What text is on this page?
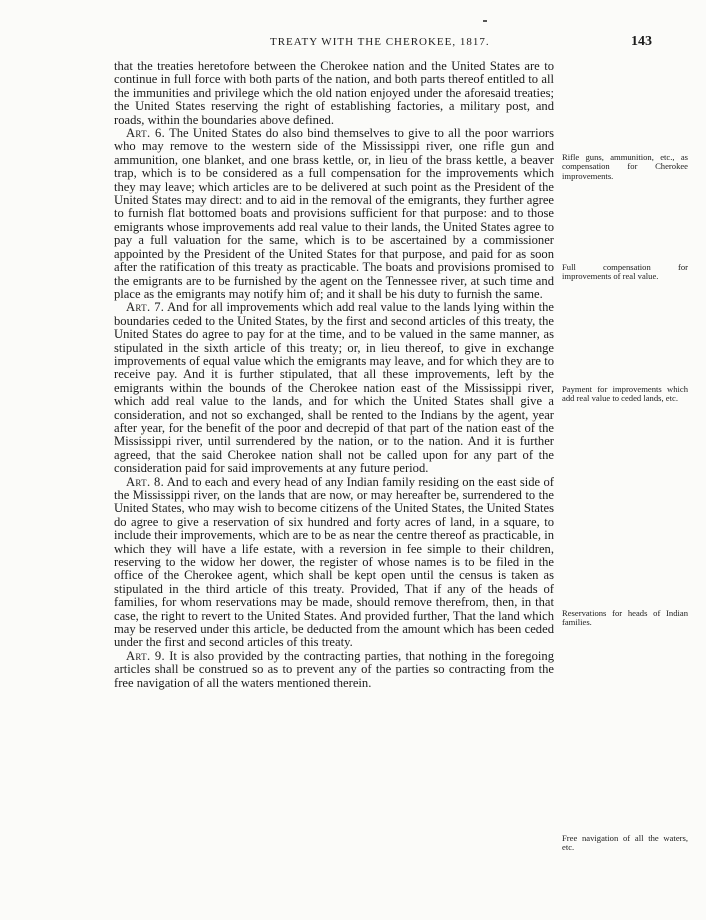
TREATY WITH THE CHEROKEE, 1817.	143

that the treaties heretofore between the Cherokee nation and the United States are to continue in full force with both parts of the nation, and both parts thereof entitled to all the immunities and privilege which the old nation enjoyed under the aforesaid treaties; the United States reserving the right of establishing factories, a military post, and roads, within the boundaries above defined.

Art. 6. The United States do also bind themselves to give to all the poor warriors who may remove to the western side of the Mississippi river, one rifle gun and ammunition, one blanket, and one brass kettle, or, in lieu of the brass kettle, a beaver trap, which is to be considered as a full compensation for the improvements which they may leave; which articles are to be delivered at such point as the President of the United States may direct: and to aid in the removal of the emigrants, they further agree to furnish flat bottomed boats and provisions sufficient for that purpose: and to those emigrants whose improvements add real value to their lands, the United States agree to pay a full valuation for the same, which is to be ascertained by a commissioner appointed by the President of the United States for that purpose, and paid for as soon after the ratification of this treaty as practicable. The boats and provisions promised to the emigrants are to be furnished by the agent on the Tennessee river, at such time and place as the emigrants may notify him of; and it shall be his duty to furnish the same.

Art. 7. And for all improvements which add real value to the lands lying within the boundaries ceded to the United States, by the first and second articles of this treaty, the United States do agree to pay for at the time, and to be valued in the same manner, as stipulated in the sixth article of this treaty; or, in lieu thereof, to give in exchange improvements of equal value which the emigrants may leave, and for which they are to receive pay. And it is further stipulated, that all these improvements, left by the emigrants within the bounds of the Cherokee nation east of the Mississippi river, which add real value to the lands, and for which the United States shall give a consideration, and not so exchanged, shall be rented to the Indians by the agent, year after year, for the benefit of the poor and decrepid of that part of the nation east of the Mississippi river, until surrendered by the nation, or to the nation. And it is further agreed, that the said Cherokee nation shall not be called upon for any part of the consideration paid for said improvements at any future period.

Art. 8. And to each and every head of any Indian family residing on the east side of the Mississippi river, on the lands that are now, or may hereafter be, surrendered to the United States, who may wish to become citizens of the United States, the United States do agree to give a reservation of six hundred and forty acres of land, in a square, to include their improvements, which are to be as near the centre thereof as practicable, in which they will have a life estate, with a reversion in fee simple to their children, reserving to the widow her dower, the register of whose names is to be filed in the office of the Cherokee agent, which shall be kept open until the census is taken as stipulated in the third article of this treaty. Provided, That if any of the heads of families, for whom reservations may be made, should remove therefrom, then, in that case, the right to revert to the United States. And provided further, That the land which may be reserved under this article, be deducted from the amount which has been ceded under the first and second articles of this treaty.

Art. 9. It is also provided by the contracting parties, that nothing in the foregoing articles shall be construed so as to prevent any of the parties so contracting from the free navigation of all the waters mentioned therein.

Rifle guns, ammunition, etc., as compensation for Cherokee improvements.
Full compensation for improvements of real value.
Payment for improvements which add real value to ceded lands, etc.
Reservations for heads of Indian families.
Free navigation of all the waters, etc.
